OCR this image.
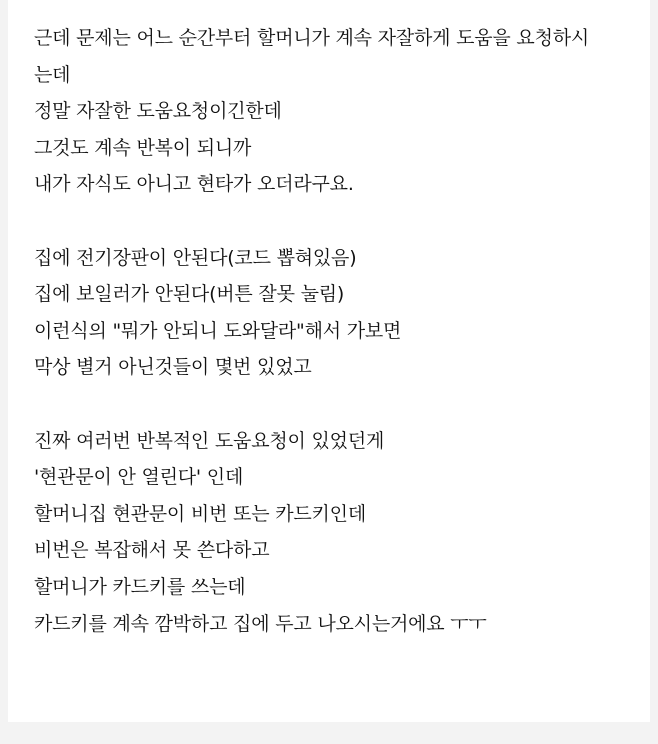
근데 문제는 어느 순간부터 할머니가 계속 자잘하게 도움을 요청하시
는데
정말 자잘한 도움요청이긴한데
그것도 계속 반복이 되니까
내가 자식도 아니고 현타가 오더라구요.
집에 전기장판이 안된다(코드 뽑혀있음)
집에 보일러가 안된다(버튼 잘못 눌림)
이런식의 "뭐가 안되니 도와달라"해서 가보면
막상 별거 아닌것들이 몇번 있었고
진짜 여러번 반복적인 도움요청이 있었던게
'현관문이 안 열린다' 인데
할머니집 현관문이 비번 또는 카드키인데
비번은 복잡해서 못 쓴다하고
할머니가 카드키를 쓰는데
카드키를 계속 깜박하고 집에 두고 나오시는거에요 ㅜㅜ
